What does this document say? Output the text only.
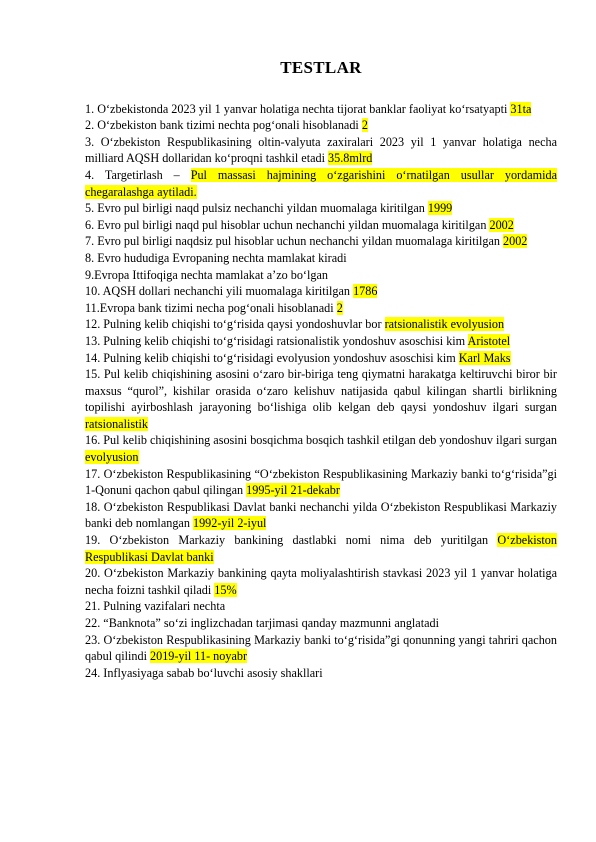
TESTLAR

1. O‘zbekistonda 2023 yil 1 yanvar holatiga nechta tijorat banklar faoliyat ko‘rsatyapti 31ta

2. O‘zbekiston bank tizimi nechta pog‘onali hisoblanadi 2

3. O‘zbekiston Respublikasining oltin-valyuta zaxiralari 2023 yil 1 yanvar holatiga necha milliard AQSH dollaridan ko‘proqni tashkil etadi 35.8mlrd

4. Targetirlash – Pul massasi hajmining o‘zgarishini o‘rnatilgan usullar yordamida chegaralashga aytiladi.

5. Evro pul birligi naqd pulsiz nechanchi yildan muomalaga kiritilgan 1999

6. Evro pul birligi naqd pul hisoblar uchun nechanchi yildan muomalaga kiritilgan 2002

7. Evro pul birligi naqdsiz pul hisoblar uchun nechanchi yildan muomalaga kiritilgan 2002

8. Evro hududiga Evropaning nechta mamlakat kiradi

9.Evropa Ittifoqiga nechta mamlakat a’zo bo‘lgan

10. AQSH dollari nechanchi yili muomalaga kiritilgan 1786

11.Evropa bank tizimi necha pog‘onali hisoblanadi 2

12. Pulning kelib chiqishi to‘g‘risida qaysi yondoshuvlar bor ratsionalistik evolyusion

13. Pulning kelib chiqishi to‘g‘risidagi ratsionalistik yondoshuv asoschisi kim Aristotel

14. Pulning kelib chiqishi to‘g‘risidagi evolyusion yondoshuv asoschisi kim Karl Maks

15. Pul kelib chiqishining asosini o‘zaro bir-biriga teng qiymatni harakatga keltiruvchi biror bir maxsus “qurol”, kishilar orasida o‘zaro kelishuv natijasida qabul kilingan shartli birlikning topilishi ayirboshlash jarayoning bo‘lishiga olib kelgan deb qaysi yondoshuv ilgari surgan ratsionalistik

16. Pul kelib chiqishining asosini bosqichma bosqich tashkil etilgan deb yondoshuv ilgari surgan evolyusion

17. O‘zbekiston Respublikasining “O‘zbekiston Respublikasining Markaziy banki to‘g‘risida”gi 1-Qonuni qachon qabul qilingan 1995-yil 21-dekabr

18. O‘zbekiston Respublikasi Davlat banki nechanchi yilda O‘zbekiston Respublikasi Markaziy banki deb nomlangan 1992-yil 2-iyul

19. O‘zbekiston Markaziy bankining dastlabki nomi nima deb yuritilgan O‘zbekiston Respublikasi Davlat banki

20. O‘zbekiston Markaziy bankining qayta moliyalashtirish stavkasi 2023 yil 1 yanvar holatiga necha foizni tashkil qiladi 15%

21. Pulning vazifalari nechta

22. “Banknota” so‘zi inglizchadan tarjimasi qanday mazmunni anglatadi

23. O‘zbekiston Respublikasining Markaziy banki to‘g‘risida”gi qonunning yangi tahriri qachon qabul qilindi 2019-yil 11- noyabr

24. Inflyasiyaga sabab bo‘luvchi asosiy shakllari
